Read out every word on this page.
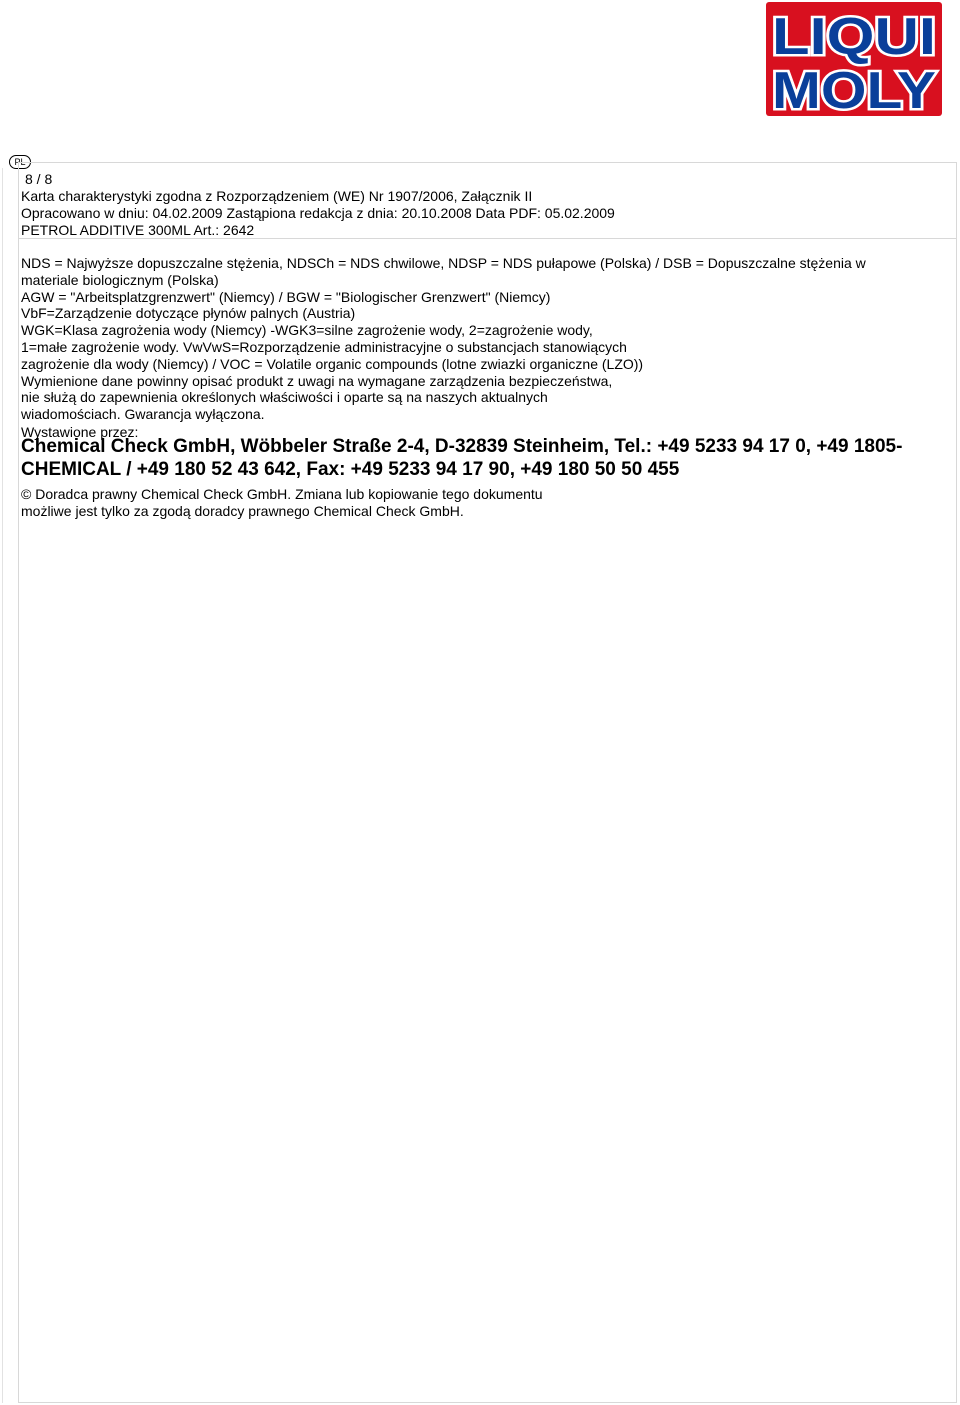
LIQUI
MOLY
PL
8 / 8
Karta charakterystyki zgodna z Rozporządzeniem (WE) Nr 1907/2006, Załącznik II
Opracowano w dniu: 04.02.2009 Zastąpiona redakcja z dnia: 20.10.2008 Data PDF: 05.02.2009
PETROL ADDITIVE 300ML Art.: 2642
NDS = Najwyższe dopuszczalne stężenia, NDSCh = NDS chwilowe, NDSP = NDS pułapowe (Polska) / DSB = Dopuszczalne stężenia w
materiale biologicznym (Polska)
AGW = "Arbeitsplatzgrenzwert" (Niemcy) / BGW = "Biologischer Grenzwert" (Niemcy)
VbF=Zarządzenie dotyczące płynów palnych (Austria)
WGK=Klasa zagrożenia wody (Niemcy) -WGK3=silne zagrożenie wody, 2=zagrożenie wody,
1=małe zagrożenie wody. VwVwS=Rozporządzenie administracyjne o substancjach stanowiących
zagrożenie dla wody (Niemcy) / VOC = Volatile organic compounds (lotne zwiazki organiczne (LZO))
Wymienione dane powinny opisać produkt z uwagi na wymagane zarządzenia bezpieczeństwa,
nie służą do zapewnienia określonych właściwości i oparte są na naszych aktualnych
wiadomościach. Gwarancja wyłączona.
Wystawione przez:
Chemical Check GmbH, Wöbbeler Straße 2-4, D-32839 Steinheim, Tel.: +49 5233 94 17 0, +49 1805-
CHEMICAL / +49 180 52 43 642, Fax: +49 5233 94 17 90, +49 180 50 50 455
© Doradca prawny Chemical Check GmbH. Zmiana lub kopiowanie tego dokumentu
możliwe jest tylko za zgodą doradcy prawnego Chemical Check GmbH.
